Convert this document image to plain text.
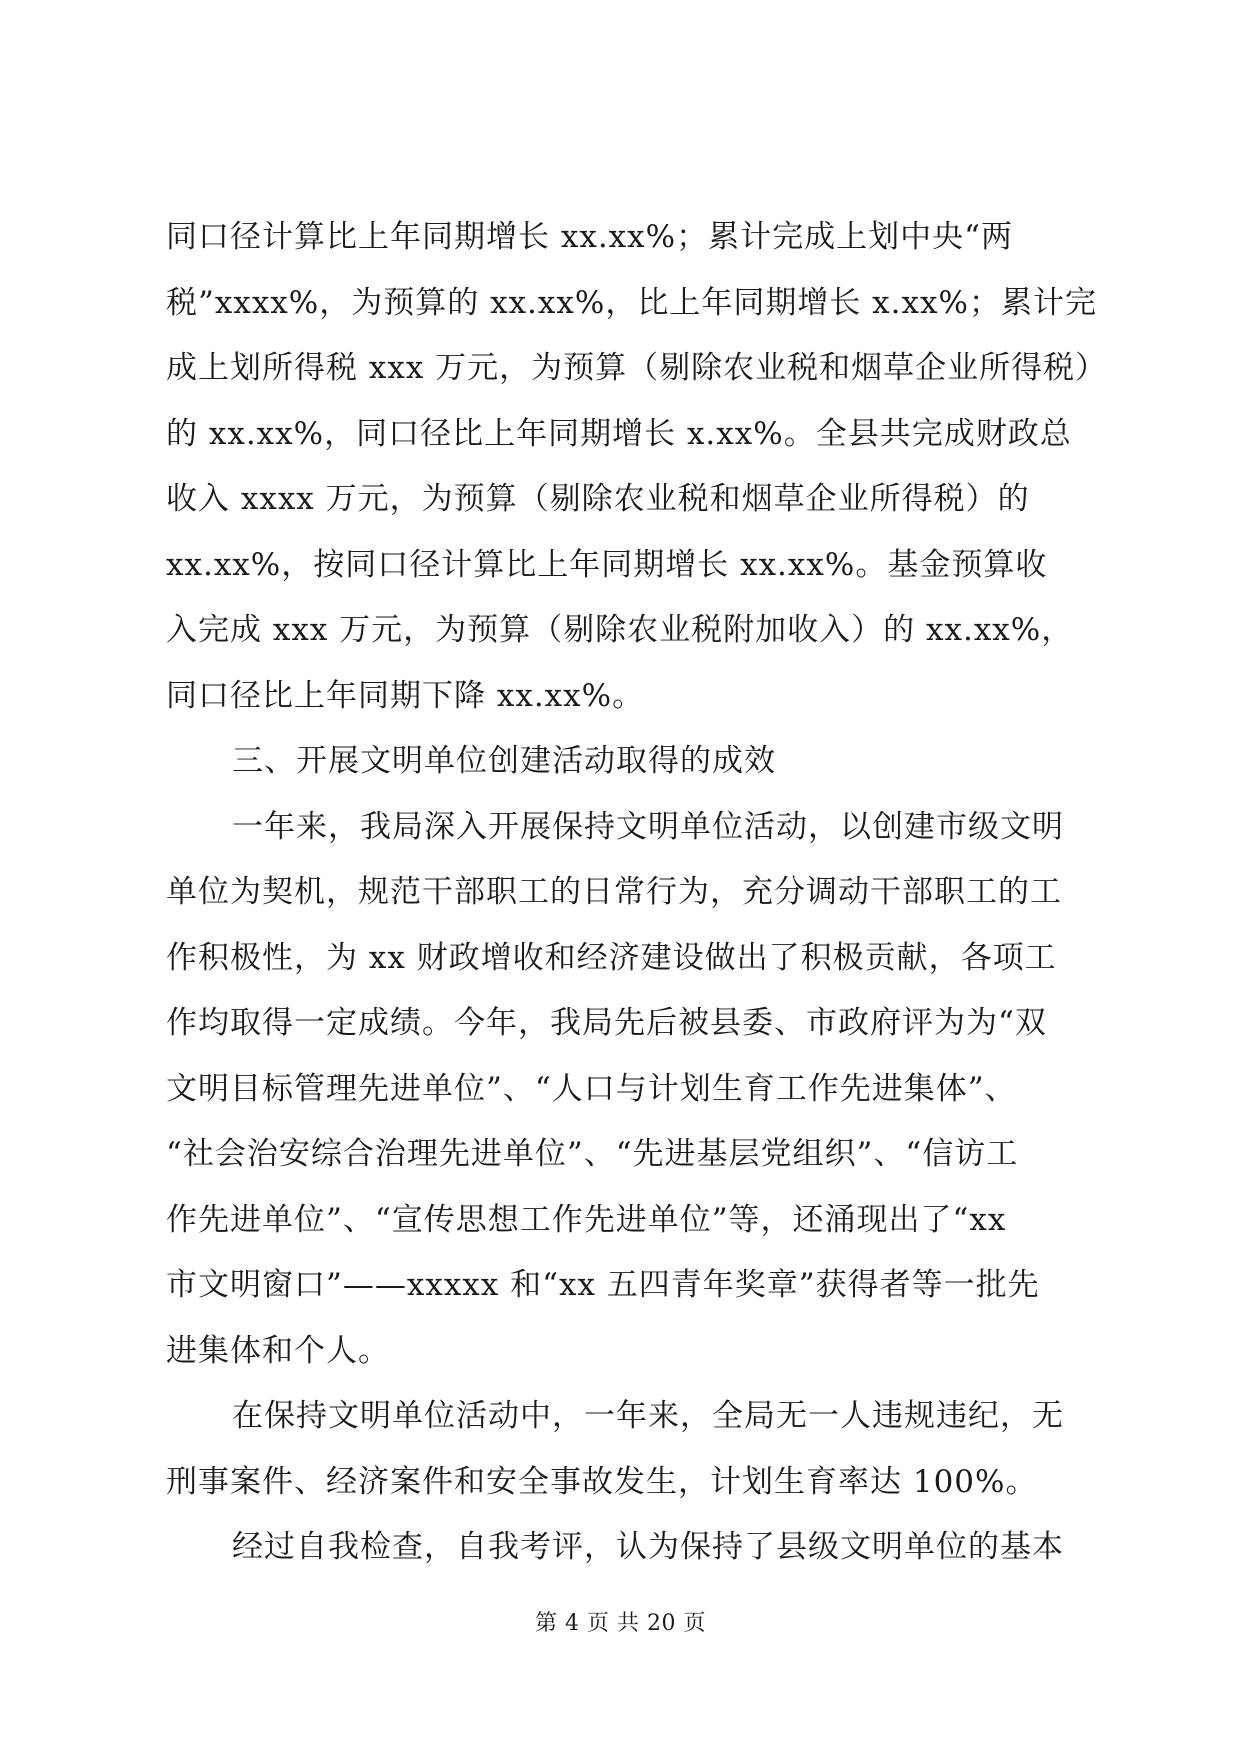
同口径计算比上年同期增长 xx.xx%；累计完成上划中央“两
税”xxxx%，为预算的 xx.xx%，比上年同期增长 x.xx%；累计完
成上划所得税 xxx 万元，为预算（剔除农业税和烟草企业所得税）
的 xx.xx%，同口径比上年同期增长 x.xx%。全县共完成财政总
收入 xxxx 万元，为预算（剔除农业税和烟草企业所得税）的
xx.xx%，按同口径计算比上年同期增长 xx.xx%。基金预算收
入完成 xxx 万元，为预算（剔除农业税附加收入）的 xx.xx%，
同口径比上年同期下降 xx.xx%。
三、开展文明单位创建活动取得的成效
一年来，我局深入开展保持文明单位活动，以创建市级文明
单位为契机，规范干部职工的日常行为，充分调动干部职工的工
作积极性，为 xx 财政增收和经济建设做出了积极贡献，各项工
作均取得一定成绩。今年，我局先后被县委、市政府评为为“双
文明目标管理先进单位”、“人口与计划生育工作先进集体”、
“社会治安综合治理先进单位”、“先进基层党组织”、“信访工
作先进单位”、“宣传思想工作先进单位”等，还涌现出了“xx
市文明窗口”——xxxxx 和“xx 五四青年奖章”获得者等一批先
进集体和个人。
在保持文明单位活动中，一年来，全局无一人违规违纪，无
刑事案件、经济案件和安全事故发生，计划生育率达 100%。
经过自我检查，自我考评，认为保持了县级文明单位的基本
第 4 页 共 20 页
